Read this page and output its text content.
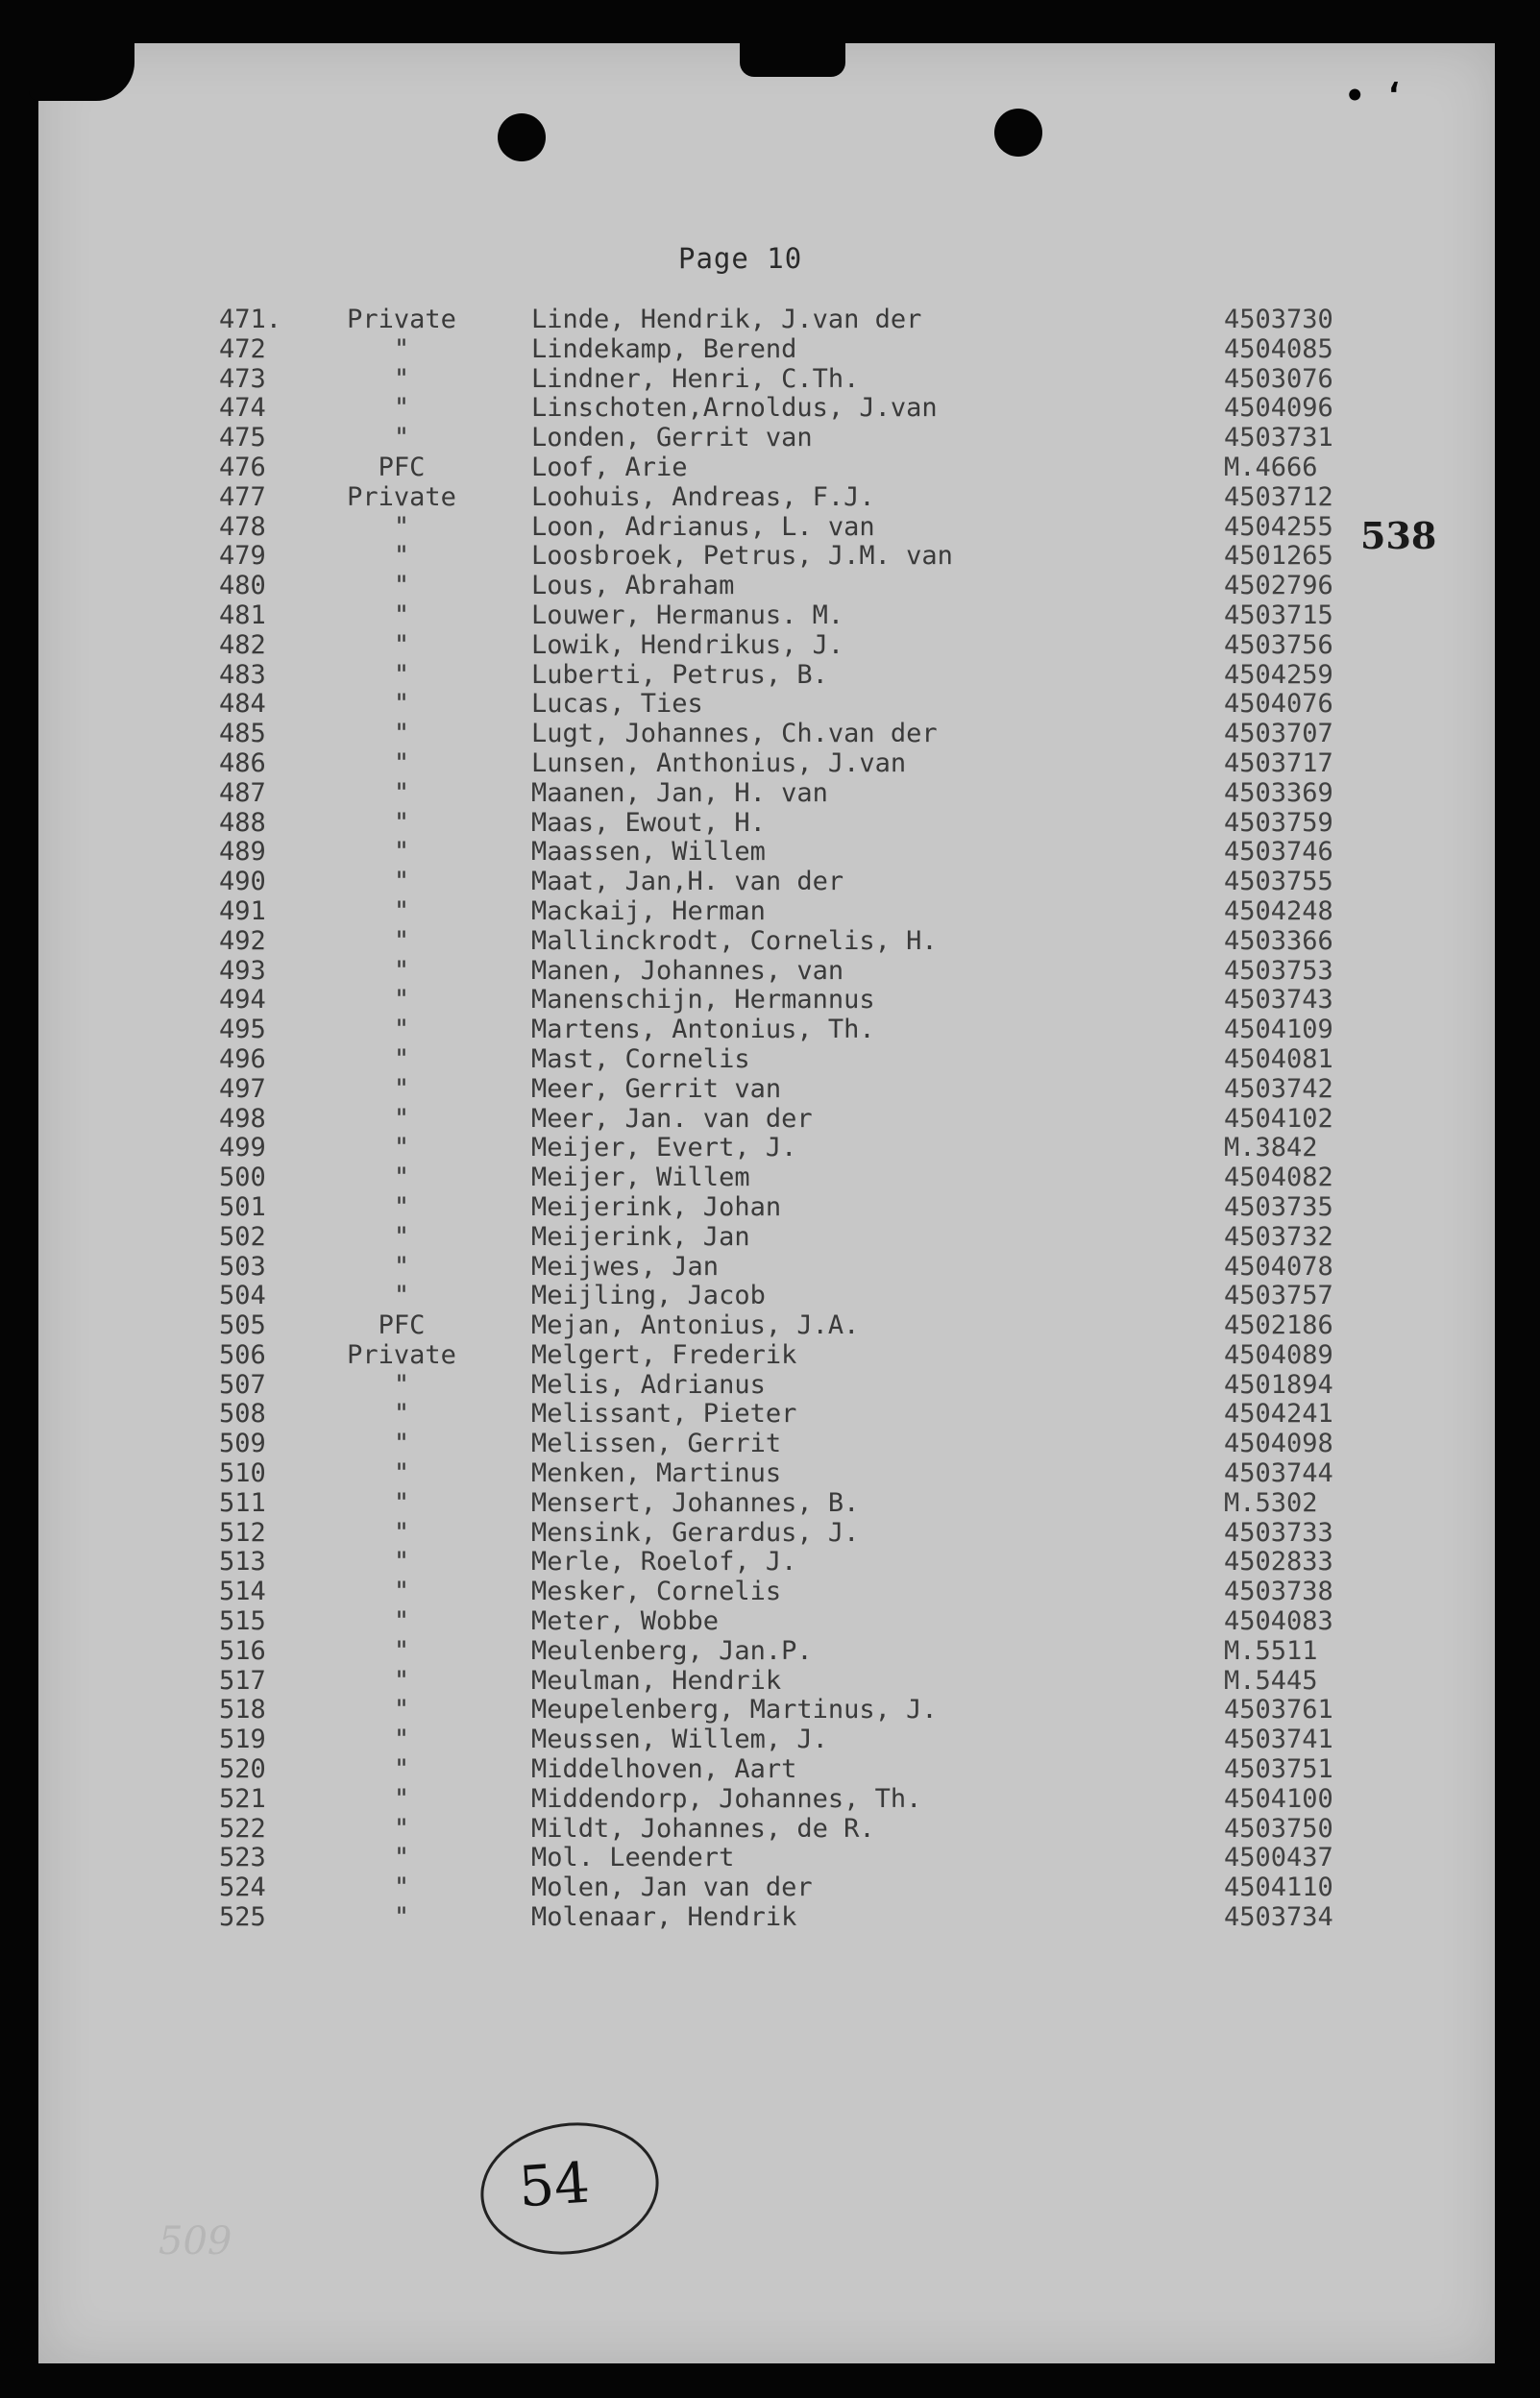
• ‘
Page 10
471.	Private	Linde, Hendrik, J.van der	4503730
472	"	Lindekamp, Berend	4504085
473	"	Lindner, Henri, C.Th.	4503076
474	"	Linschoten,Arnoldus, J.van	4504096
475	"	Londen, Gerrit van	4503731
476	PFC	Loof, Arie	M.4666
477	Private	Loohuis, Andreas, F.J.	4503712
478	"	Loon, Adrianus, L. van	4504255
479	"	Loosbroek, Petrus, J.M. van	4501265
480	"	Lous, Abraham	4502796
481	"	Louwer, Hermanus. M.	4503715
482	"	Lowik, Hendrikus, J.	4503756
483	"	Luberti, Petrus, B.	4504259
484	"	Lucas, Ties	4504076
485	"	Lugt, Johannes, Ch.van der	4503707
486	"	Lunsen, Anthonius, J.van	4503717
487	"	Maanen, Jan, H. van	4503369
488	"	Maas, Ewout, H.	4503759
489	"	Maassen, Willem	4503746
490	"	Maat, Jan,H. van der	4503755
491	"	Mackaij, Herman	4504248
492	"	Mallinckrodt, Cornelis, H.	4503366
493	"	Manen, Johannes, van	4503753
494	"	Manenschijn, Hermannus	4503743
495	"	Martens, Antonius, Th.	4504109
496	"	Mast, Cornelis	4504081
497	"	Meer, Gerrit van	4503742
498	"	Meer, Jan. van der	4504102
499	"	Meijer, Evert, J.	M.3842
500	"	Meijer, Willem	4504082
501	"	Meijerink, Johan	4503735
502	"	Meijerink, Jan	4503732
503	"	Meijwes, Jan	4504078
504	"	Meijling, Jacob	4503757
505	PFC	Mejan, Antonius, J.A.	4502186
506	Private	Melgert, Frederik	4504089
507	"	Melis, Adrianus	4501894
508	"	Melissant, Pieter	4504241
509	"	Melissen, Gerrit	4504098
510	"	Menken, Martinus	4503744
511	"	Mensert, Johannes, B.	M.5302
512	"	Mensink, Gerardus, J.	4503733
513	"	Merle, Roelof, J.	4502833
514	"	Mesker, Cornelis	4503738
515	"	Meter, Wobbe	4504083
516	"	Meulenberg, Jan.P.	M.5511
517	"	Meulman, Hendrik	M.5445
518	"	Meupelenberg, Martinus, J.	4503761
519	"	Meussen, Willem, J.	4503741
520	"	Middelhoven, Aart	4503751
521	"	Middendorp, Johannes, Th.	4504100
522	"	Mildt, Johannes, de R.	4503750
523	"	Mol. Leendert	4500437
524	"	Molen, Jan van der	4504110
525	"	Molenaar, Hendrik	4503734
538
54
509
